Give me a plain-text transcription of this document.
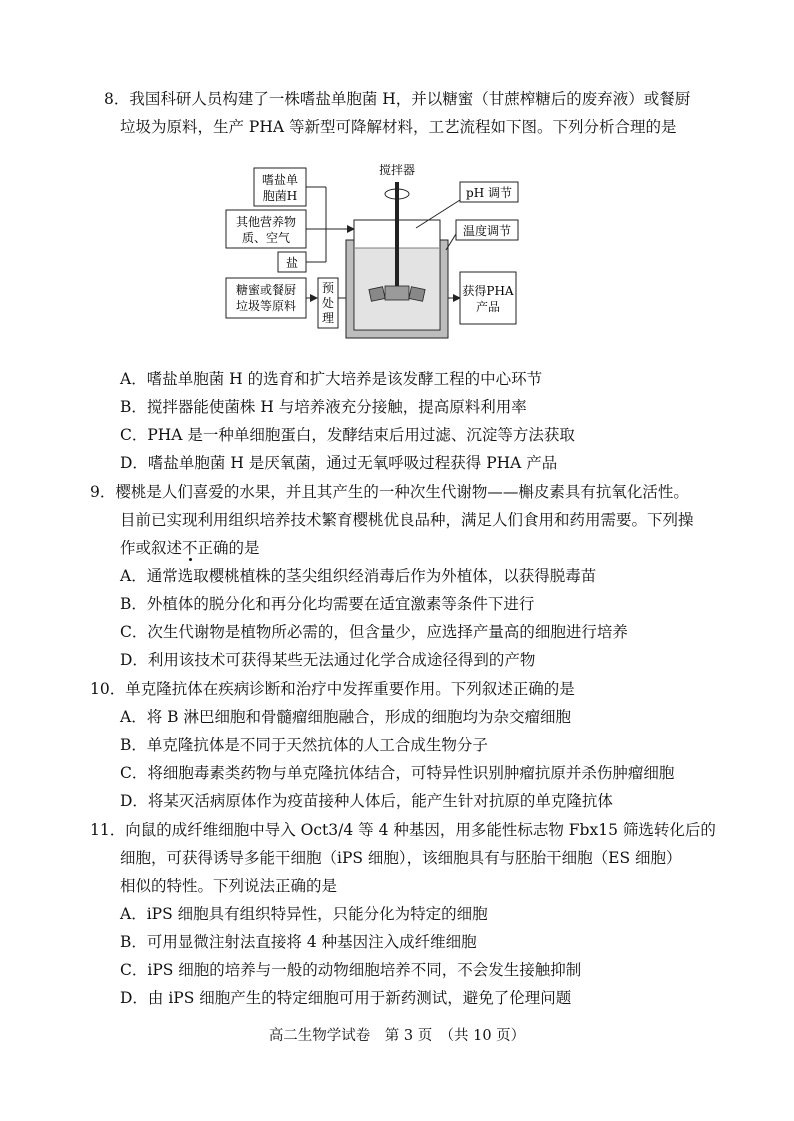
8．我国科研人员构建了一株嗜盐单胞菌 H，并以糖蜜（甘蔗榨糖后的废弃液）或餐厨
垃圾为原料，生产 PHA 等新型可降解材料，工艺流程如下图。下列分析合理的是
嗜盐单
胞菌H
其他营养物
质、空气
盐
糖蜜或餐厨
垃圾等原料
预
处
理
搅拌器
pH 调节
温度调节
获得PHA
产品
A．嗜盐单胞菌 H 的选育和扩大培养是该发酵工程的中心环节
B．搅拌器能使菌株 H 与培养液充分接触，提高原料利用率
C．PHA 是一种单细胞蛋白，发酵结束后用过滤、沉淀等方法获取
D．嗜盐单胞菌 H 是厌氧菌，通过无氧呼吸过程获得 PHA 产品
9．樱桃是人们喜爱的水果，并且其产生的一种次生代谢物——槲皮素具有抗氧化活性。
目前已实现利用组织培养技术繁育樱桃优良品种，满足人们食用和药用需要。下列操
作或叙述不正确的是
A．通常选取樱桃植株的茎尖组织经消毒后作为外植体，以获得脱毒苗
B．外植体的脱分化和再分化均需要在适宜激素等条件下进行
C．次生代谢物是植物所必需的，但含量少，应选择产量高的细胞进行培养
D．利用该技术可获得某些无法通过化学合成途径得到的产物
10．单克隆抗体在疾病诊断和治疗中发挥重要作用。下列叙述正确的是
A．将 B 淋巴细胞和骨髓瘤细胞融合，形成的细胞均为杂交瘤细胞
B．单克隆抗体是不同于天然抗体的人工合成生物分子
C．将细胞毒素类药物与单克隆抗体结合，可特异性识别肿瘤抗原并杀伤肿瘤细胞
D．将某灭活病原体作为疫苗接种人体后，能产生针对抗原的单克隆抗体
11．向鼠的成纤维细胞中导入 Oct3/4 等 4 种基因，用多能性标志物 Fbx15 筛选转化后的
细胞，可获得诱导多能干细胞（iPS 细胞），该细胞具有与胚胎干细胞（ES 细胞）
相似的特性。下列说法正确的是
A．iPS 细胞具有组织特异性，只能分化为特定的细胞
B．可用显微注射法直接将 4 种基因注入成纤维细胞
C．iPS 细胞的培养与一般的动物细胞培养不同，不会发生接触抑制
D．由 iPS 细胞产生的特定细胞可用于新药测试，避免了伦理问题
高二生物学试卷　第 3 页　（共 10 页）
